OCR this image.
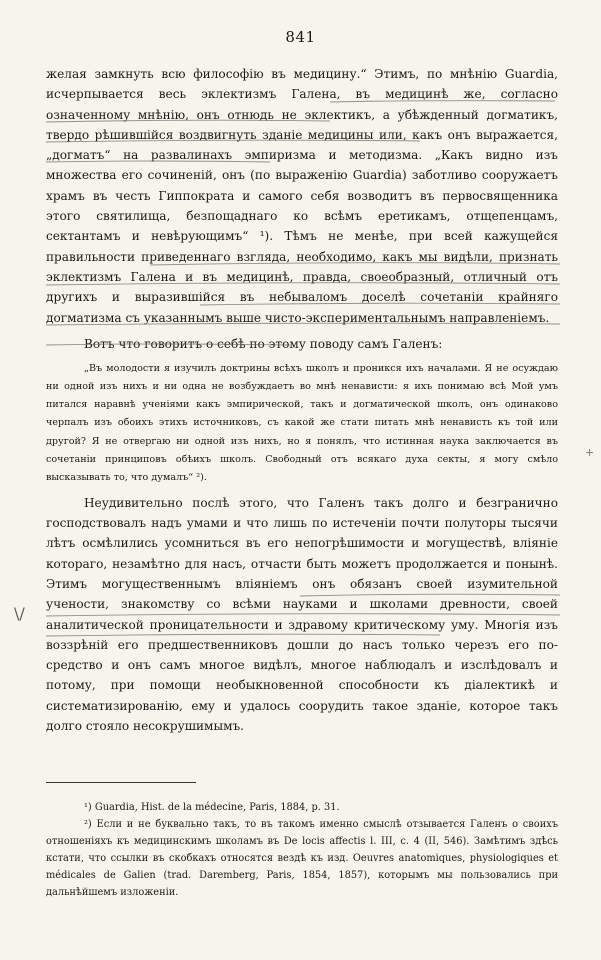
841

желая замкнуть всю философію въ медицину.“ Этимъ, по мнѣнію Guardia, исчерпывается весь эклектизмъ Галена, въ медицинѣ же, согласно означенному мнѣнію, онъ отнюдь не эклектикъ, а убѣжденный догматикъ, твердо рѣшившійся воздвигнуть зданіе медицины или, какъ онъ выражается, „догматъ“ на развалинахъ эмпиризма и методизма. „Какъ видно изъ множества его сочиненій, онъ (по выраженію Guardia) заботливо сооружаетъ храмъ въ честь Гиппократа и самого себя возводитъ въ первосвященника этого святилища, безпощаднаго ко всѣмъ еретикамъ, отщепенцамъ, сектантамъ и невѣрующимъ“ ¹). Тѣмъ не менѣе, при всей кажущейся правильности приведеннаго взгляда, необходимо, какъ мы видѣли, признать эклектизмъ Галена и въ медицинѣ, правда, своеобразный, отличный отъ другихъ и выразившійся въ небываломъ доселѣ сочетаніи крайняго догматизма съ указаннымъ выше чисто-экспериментальнымъ направленіемъ.

Вотъ что говоритъ о себѣ по этому поводу самъ Галенъ:

„Въ молодости я изучилъ доктрины всѣхъ школъ и проникся ихъ началами. Я не осуждаю ни одной изъ нихъ и ни одна не возбуждаетъ во мнѣ ненависти: я ихъ понимаю всѣ Мой умъ питался наравнѣ ученіями какъ эмпирической, такъ и догматической школъ, онъ одинаково черпалъ изъ обоихъ этихъ источниковъ, съ какой же стати питать мнѣ ненависть къ той или другой? Я не отвергаю ни одной изъ нихъ, но я понялъ, что истинная наука заключается въ сочетаніи принциповъ обѣихъ школъ. Свободный отъ всякаго духа секты, я могу смѣло высказывать то, что думалъ“ ²).

Неудивительно послѣ этого, что Галенъ такъ долго и безгранично господствовалъ надъ умами и что лишь по истеченіи почти полуторы тысячи лѣтъ осмѣлились усомниться въ его непогрѣшимости и могуществѣ, вліяніе котораго, незамѣтно для насъ, отчасти быть можетъ продолжается и понынѣ. Этимъ могущественнымъ вліяніемъ онъ обязанъ своей изумительной учености, знакомству со всѣми науками и школами древности, своей аналитической проницательности и здравому критическому уму. Многія изъ воззрѣній его предшественниковъ дошли до насъ только черезъ его посредство и онъ самъ многое видѣлъ, многое наблюдалъ и изслѣдовалъ и потому, при помощи необыкновенной способности къ діалектикѣ и систематизированію, ему и удалось соорудить такое зданіе, которое такъ долго стояло несокрушимымъ.

¹) Guardia, Hist. de la médecine, Paris, 1884, p. 31.

²) Если и не буквально такъ, то въ такомъ именно смыслѣ отзывается Галенъ о своихъ отношеніяхъ къ медицинскимъ школамъ въ De locis affectis l. III, c. 4 (II, 546). Замѣтимъ здѣсь кстати, что ссылки въ скобкахъ относятся вездѣ къ изд. Oeuvres anatomiques, physiologiques et médicales de Galien (trad. Daremberg, Paris, 1854, 1857), которымъ мы пользовались при дальнѣйшемъ изложеніи.

\/
+
